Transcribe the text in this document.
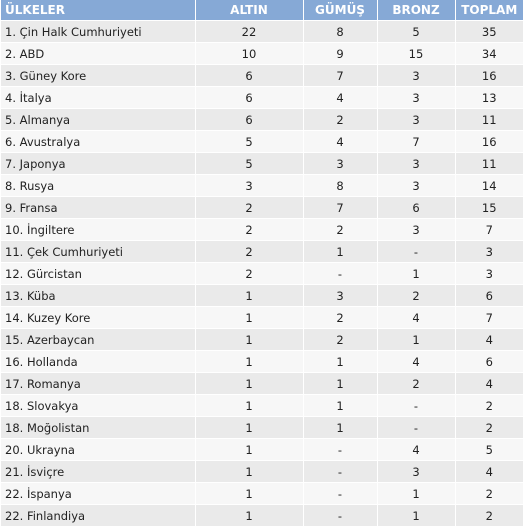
ÜLKELER	ALTIN	GÜMÜŞ	BRONZ	TOPLAM
1. Çin Halk Cumhuriyeti	22	8	5	35
2. ABD	10	9	15	34
3. Güney Kore	6	7	3	16
4. İtalya	6	4	3	13
5. Almanya	6	2	3	11
6. Avustralya	5	4	7	16
7. Japonya	5	3	3	11
8. Rusya	3	8	3	14
9. Fransa	2	7	6	15
10. İngiltere	2	2	3	7
11. Çek Cumhuriyeti	2	1	-	3
12. Gürcistan	2	-	1	3
13. Küba	1	3	2	6
14. Kuzey Kore	1	2	4	7
15. Azerbaycan	1	2	1	4
16. Hollanda	1	1	4	6
17. Romanya	1	1	2	4
18. Slovakya	1	1	-	2
18. Moğolistan	1	1	-	2
20. Ukrayna	1	-	4	5
21. İsviçre	1	-	3	4
22. İspanya	1	-	1	2
22. Finlandiya	1	-	1	2
